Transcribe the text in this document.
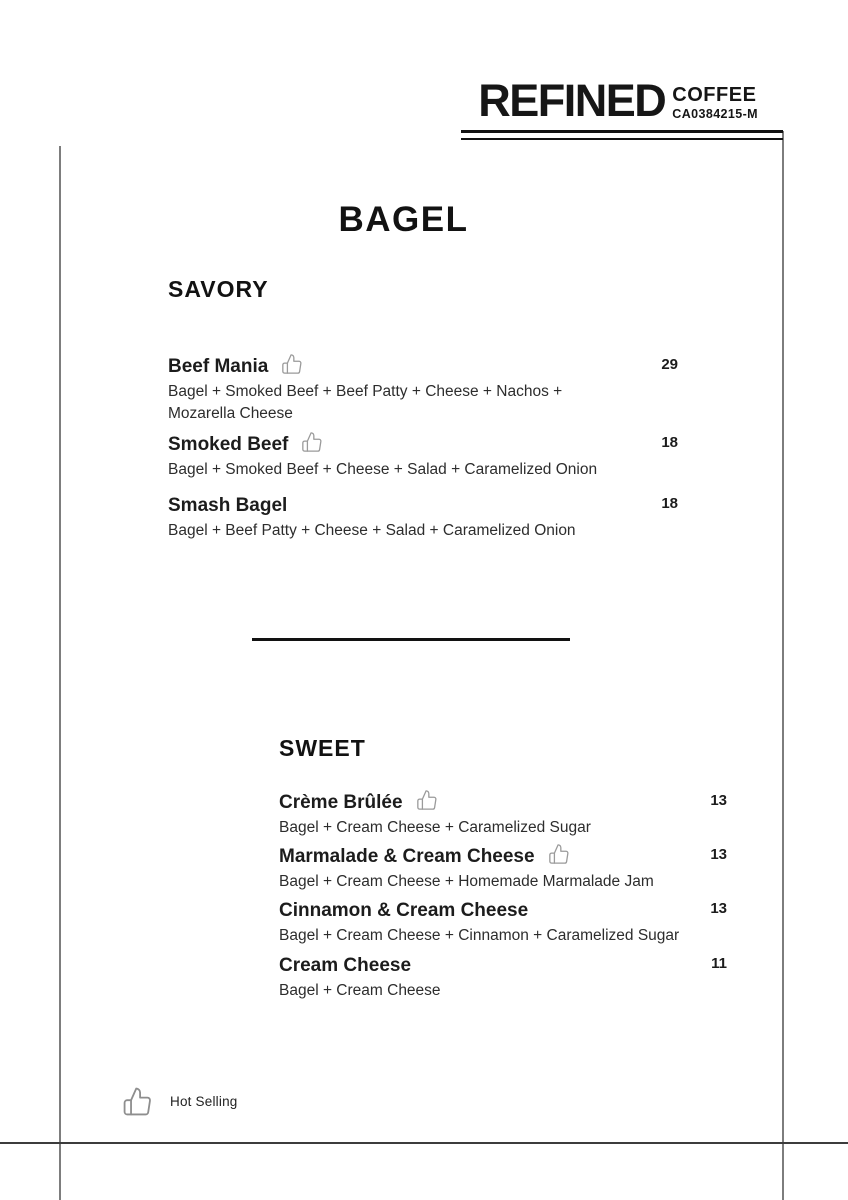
REFINED COFFEE
CA0384215-M
BAGEL
SAVORY
Beef Mania	29
Bagel + Smoked Beef + Beef Patty + Cheese + Nachos + Mozarella Cheese
Smoked Beef	18
Bagel + Smoked Beef + Cheese + Salad + Caramelized Onion
Smash Bagel	18
Bagel + Beef Patty + Cheese + Salad + Caramelized Onion
SWEET
Crème Brûlée	13
Bagel + Cream Cheese + Caramelized Sugar
Marmalade & Cream Cheese	13
Bagel + Cream Cheese + Homemade Marmalade Jam
Cinnamon & Cream Cheese	13
Bagel + Cream Cheese + Cinnamon + Caramelized Sugar
Cream Cheese	11
Bagel + Cream Cheese
Hot Selling
